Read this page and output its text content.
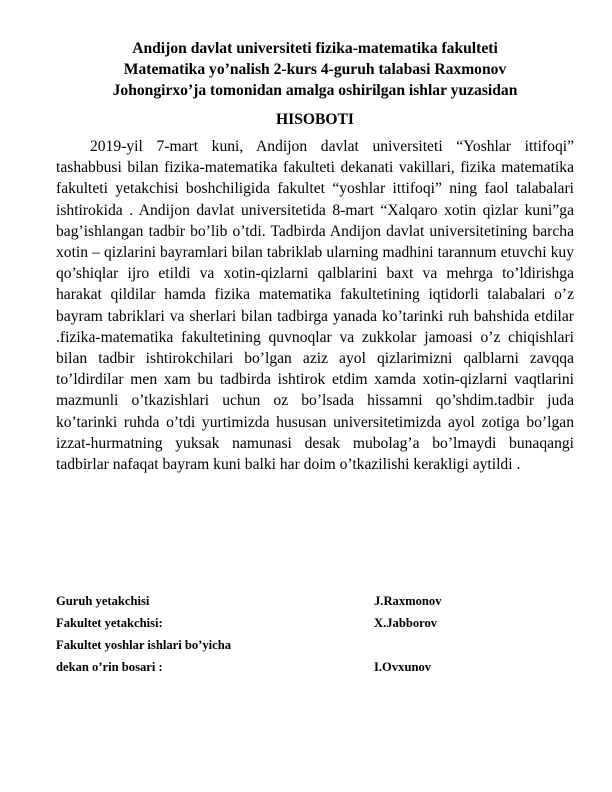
Andijon davlat universiteti fizika-matematika fakulteti
Matematika yo’nalish 2-kurs 4-guruh talabasi Raxmonov
Johongirxo’ja tomonidan amalga oshirilgan ishlar yuzasidan
HISOBOTI

2019-yil 7-mart kuni, Andijon davlat universiteti “Yoshlar ittifoqi” tashabbusi bilan fizika-matematika fakulteti dekanati vakillari, fizika matematika fakulteti yetakchisi boshchiligida fakultet “yoshlar ittifoqi” ning faol talabalari ishtirokida . Andijon davlat universitetida 8-mart “Xalqaro xotin qizlar kuni”ga bag’ishlangan tadbir bo’lib o’tdi. Tadbirda Andijon davlat universitetining barcha xotin – qizlarini bayramlari bilan tabriklab ularning madhini tarannum etuvchi kuy qo’shiqlar ijro etildi va xotin-qizlarni qalblarini baxt va mehrga to’ldirishga harakat qildilar hamda fizika matematika fakultetining iqtidorli talabalari o’z bayram tabriklari va sherlari bilan tadbirga yanada ko’tarinki ruh bahshida etdilar .fizika-matematika fakultetining quvnoqlar va zukkolar jamoasi o’z chiqishlari bilan tadbir ishtirokchilari bo’lgan aziz ayol qizlarimizni qalblarni zavqqa to’ldirdilar men xam bu tadbirda ishtirok etdim xamda xotin-qizlarni vaqtlarini mazmunli o’tkazishlari uchun oz bo’lsada hissamni qo’shdim.tadbir juda ko’tarinki ruhda o’tdi yurtimizda hususan universitetimizda ayol zotiga bo’lgan izzat-hurmatning yuksak namunasi desak mubolag’a bo’lmaydi bunaqangi tadbirlar nafaqat bayram kuni balki har doim o’tkazilishi kerakligi aytildi .

Guruh yetakchisi	J.Raxmonov
Fakultet yetakchisi:	X.Jabborov
Fakultet yoshlar ishlari bo’yicha
dekan o’rin bosari :	I.Ovxunov
